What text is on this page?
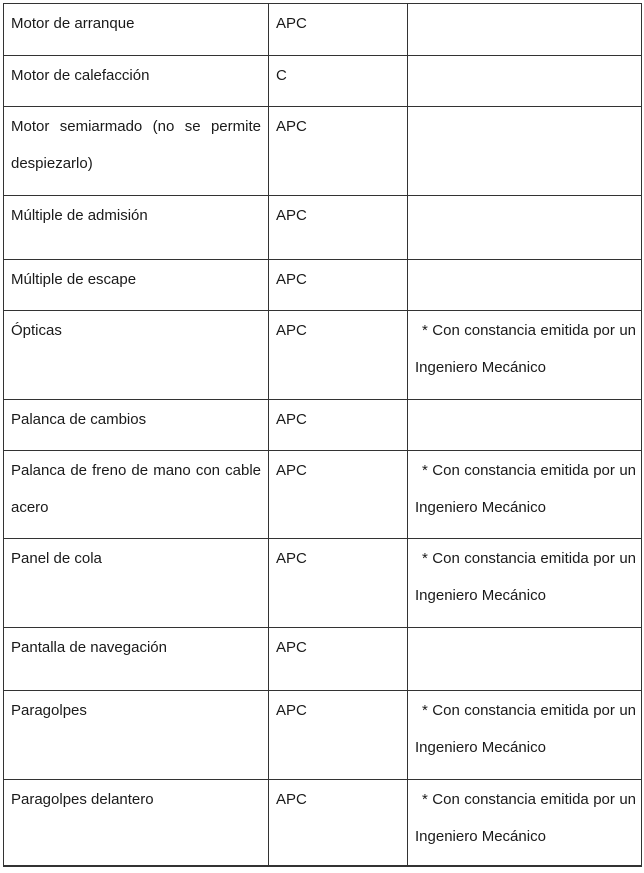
Motor de arranque	APC	
Motor de calefacción	C	
Motor semiarmado (no se permite despiezarlo)	APC	
Múltiple de admisión	APC	
Múltiple de escape	APC	
Ópticas	APC	* Con constancia emitida por un Ingeniero Mecánico
Palanca de cambios	APC	
Palanca de freno de mano con cable acero	APC	* Con constancia emitida por un Ingeniero Mecánico
Panel de cola	APC	* Con constancia emitida por un Ingeniero Mecánico
Pantalla de navegación	APC	
Paragolpes	APC	* Con constancia emitida por un Ingeniero Mecánico
Paragolpes delantero	APC	* Con constancia emitida por un Ingeniero Mecánico
